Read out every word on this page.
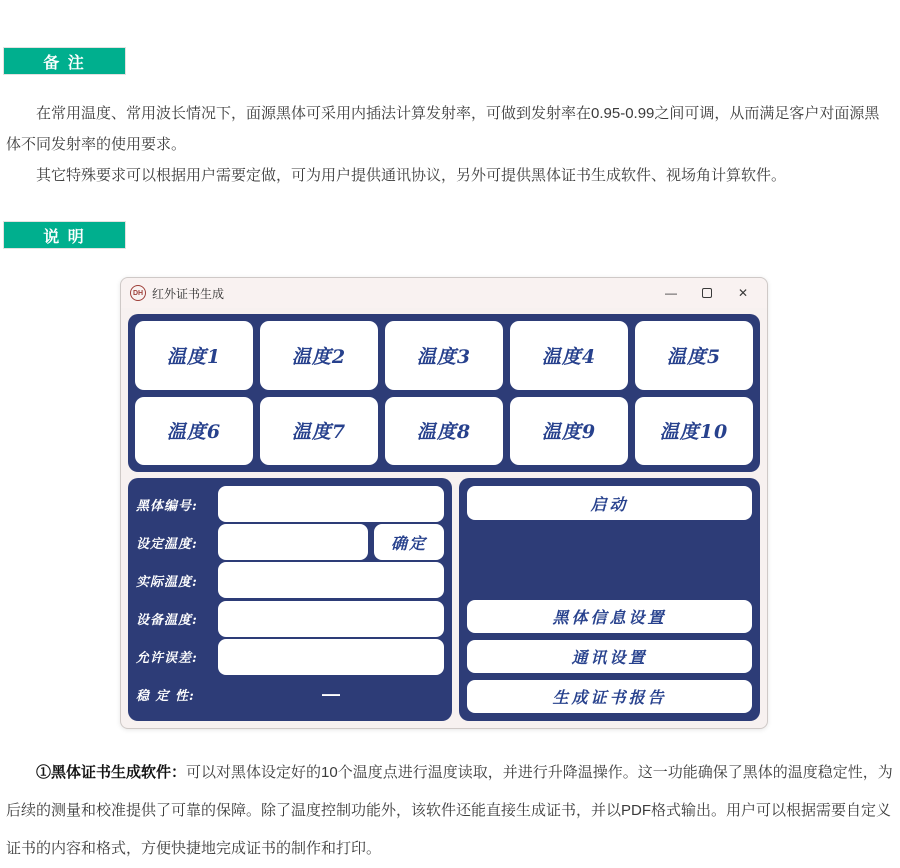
备 注

在常用温度、常用波长情况下，面源黑体可采用内插法计算发射率，可做到发射率在0.95-0.99之间可调，从而满足客户对面源黑体不同发射率的使用要求。

其它特殊要求可以根据用户需要定做，可为用户提供通讯协议，另外可提供黑体证书生成软件、视场角计算软件。

说 明
DH 红外证书生成	—	✕
温度1	温度2	温度3	温度4	温度5
温度6	温度7	温度8	温度9	温度10
黑体编号:
设定温度:	确定
实际温度:
设备温度:
允许误差:
稳 定 性:	—
启动
黑体信息设置
通讯设置
生成证书报告
①黑体证书生成软件：可以对黑体设定好的10个温度点进行温度读取，并进行升降温操作。这一功能确保了黑体的温度稳定性，为后续的测量和校准提供了可靠的保障。除了温度控制功能外，该软件还能直接生成证书，并以PDF格式输出。用户可以根据需要自定义证书的内容和格式，方便快捷地完成证书的制作和打印。
